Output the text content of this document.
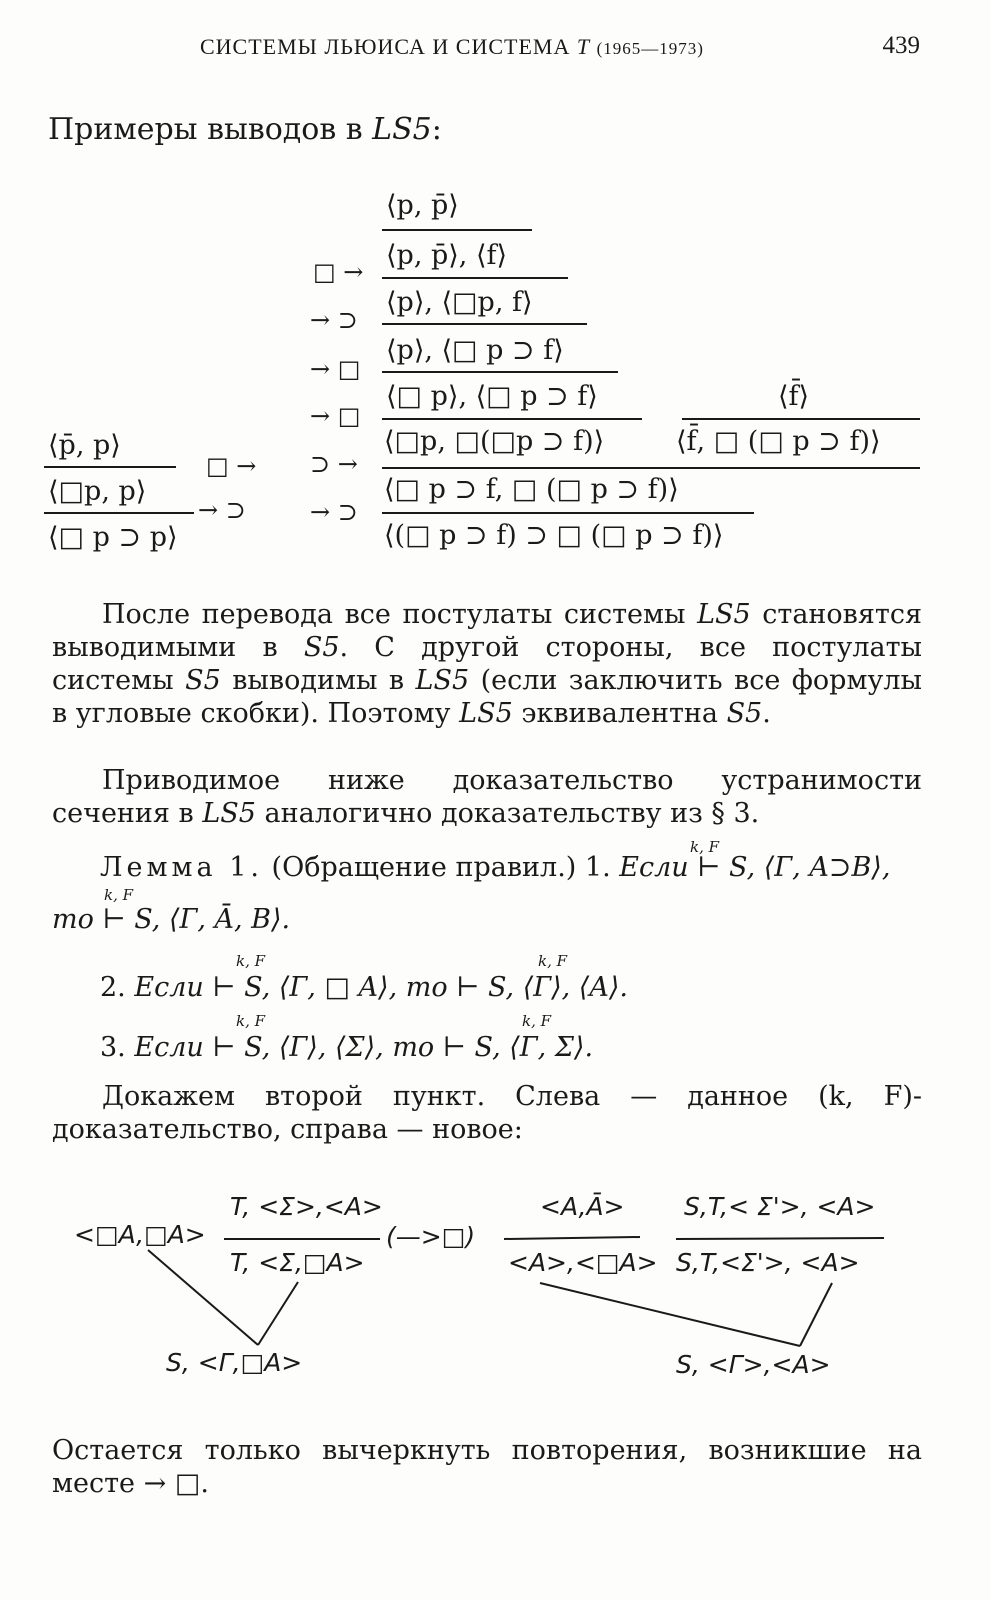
СИСТЕМЫ ЛЬЮИСА И СИСТЕМА T (1965—1973)	439
Примеры выводов в LS5:
⟨p, p̄⟩
□ →
⟨p, p̄⟩, ⟨f⟩
→ ⊃
⟨p⟩, ⟨□p, f⟩
→ □
⟨p⟩, ⟨□ p ⊃ f⟩
→ □
⟨□ p⟩, ⟨□ p ⊃ f⟩	⟨f̄⟩
⊃ →
⟨□p, □(□p ⊃ f)⟩	⟨f̄, □ (□ p ⊃ f)⟩
→ ⊃
⟨□ p ⊃ f, □ (□ p ⊃ f)⟩
⟨(□ p ⊃ f) ⊃ □ (□ p ⊃ f)⟩
⟨p̄, p⟩
□ →
⟨□p, p⟩
→ ⊃
⟨□ p ⊃ p⟩
После перевода все постулаты системы LS5 становятся выводимыми в S5. С другой стороны, все постулаты системы S5 выводимы в LS5 (если заключить все формулы в угловые скобки). Поэтому LS5 эквивалентна S5.
Приводимое ниже доказательство устранимости сечения в LS5 аналогично доказательству из § 3.
k, F
Лемма 1. (Обращение правил.) 1. Если ⊢ S, ⟨Г, A⊃B⟩,
k, F
то ⊢ S, ⟨Г, Ā, B⟩.
k, F	k, F
2. Если ⊢ S, ⟨Г, □ A⟩, то ⊢ S, ⟨Г⟩, ⟨A⟩.
k, F	k, F
3. Если ⊢ S, ⟨Г⟩, ⟨Σ⟩, то ⊢ S, ⟨Г, Σ⟩.
Докажем второй пункт. Слева — данное (k, F)-доказательство, справа — новое:
<□A,□A>
T, <Σ>,<A>
T, <Σ,□A>
(—>□)
S, <Г,□A>
<A,Ā>
<A>,<□A>
S,T,< Σ'>, <A>
S,T,<Σ'>, <A>
S, <Г>,<A>
Остается только вычеркнуть повторения, возникшие на месте → □.
